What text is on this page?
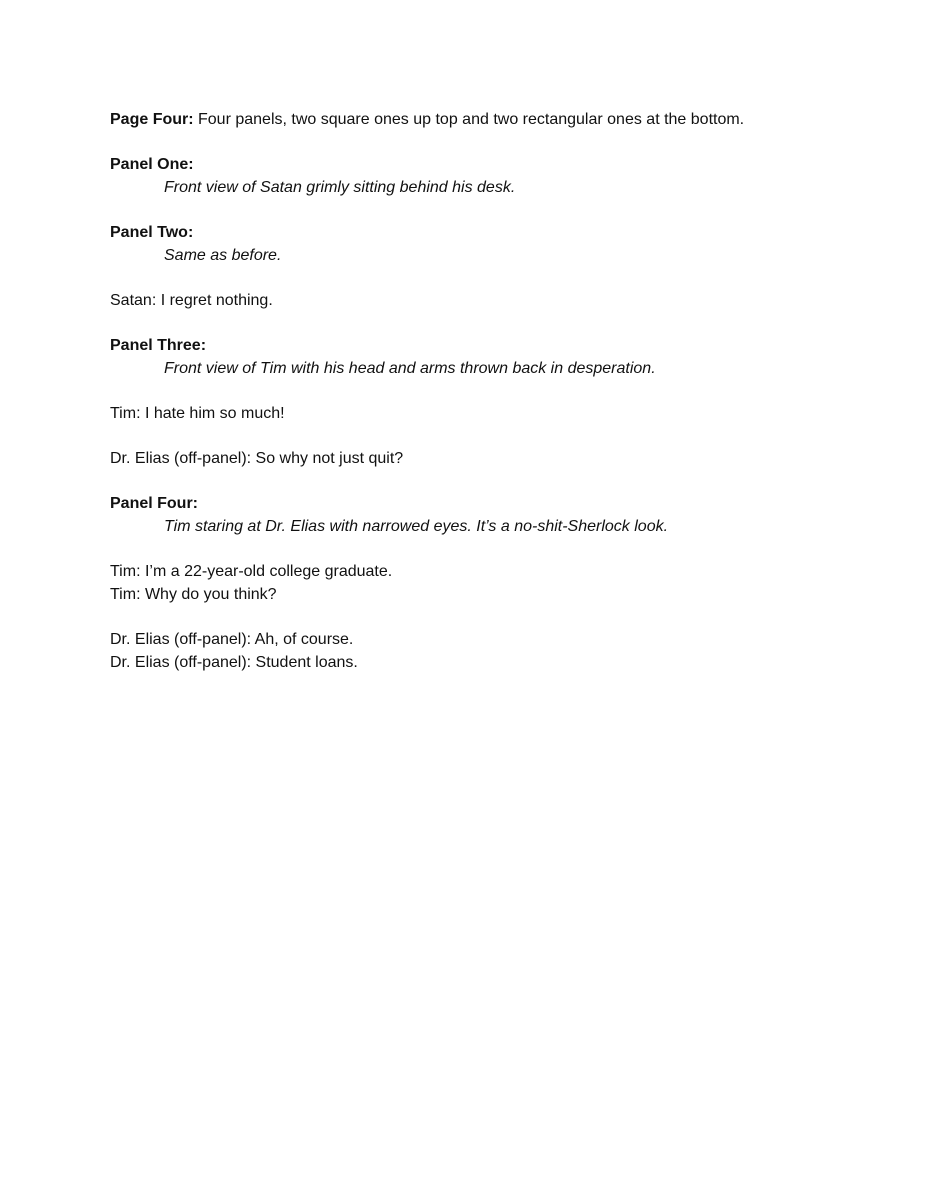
Page Four: Four panels, two square ones up top and two rectangular ones at the bottom.

Panel One:

Front view of Satan grimly sitting behind his desk.

Panel Two:

Same as before.

Satan: I regret nothing.

Panel Three:

Front view of Tim with his head and arms thrown back in desperation.

Tim: I hate him so much!

Dr. Elias (off-panel): So why not just quit?

Panel Four:

Tim staring at Dr. Elias with narrowed eyes. It’s a no-shit-Sherlock look.

Tim: I’m a 22-year-old college graduate.

Tim: Why do you think?

Dr. Elias (off-panel): Ah, of course.

Dr. Elias (off-panel): Student loans.
